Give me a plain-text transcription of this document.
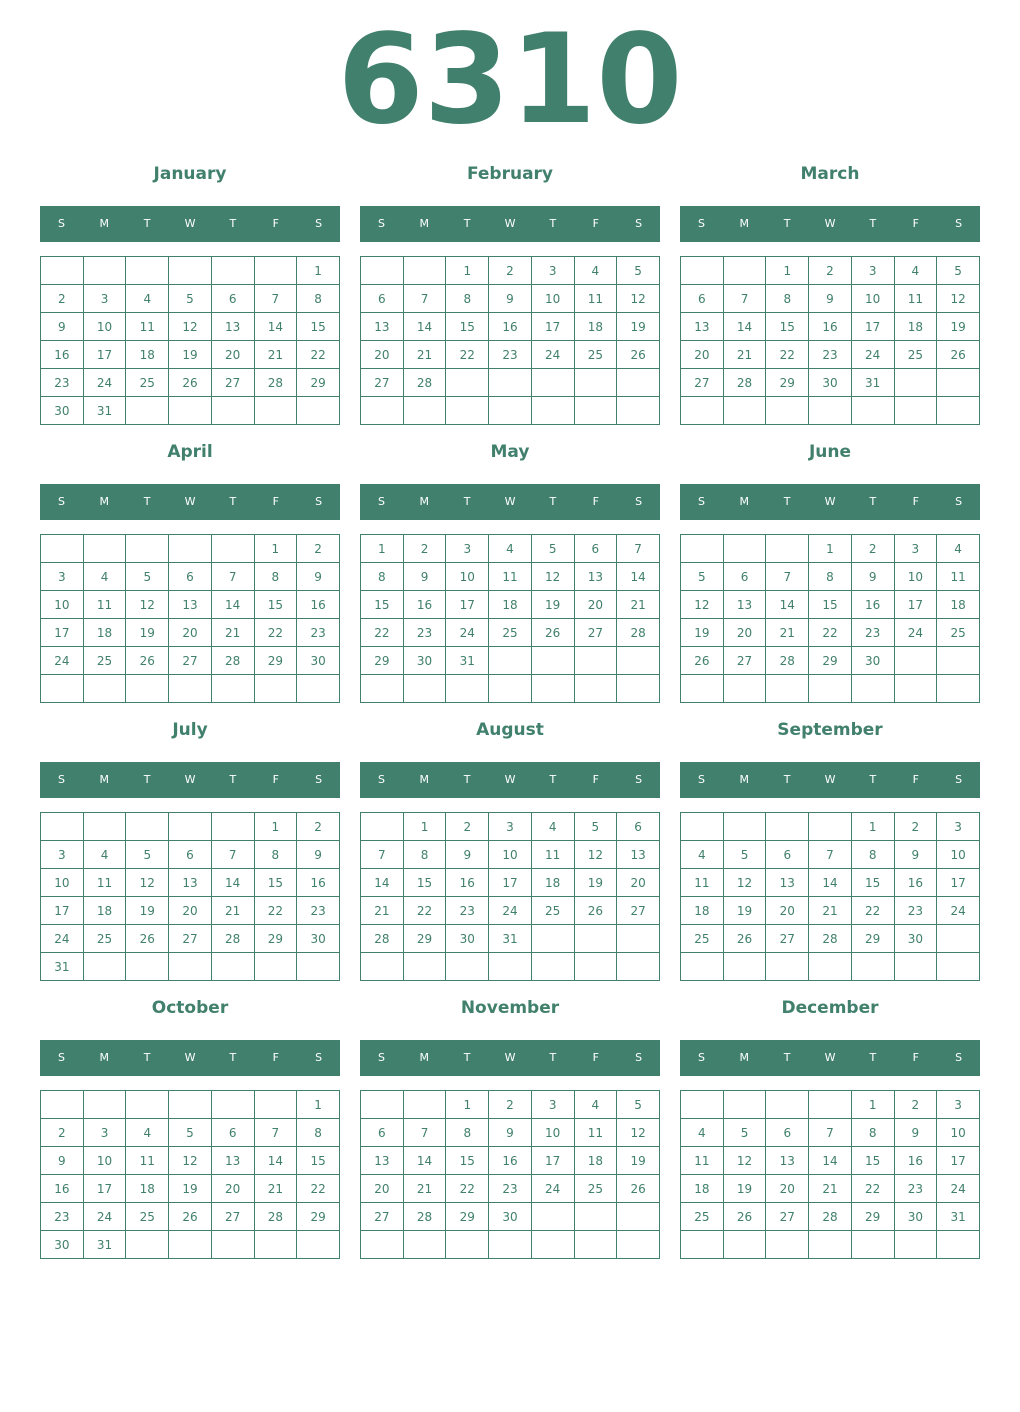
6310
January
S	M	T	W	T	F	S
						1
2	3	4	5	6	7	8
9	10	11	12	13	14	15
16	17	18	19	20	21	22
23	24	25	26	27	28	29
30	31					
February
S	M	T	W	T	F	S
		1	2	3	4	5
6	7	8	9	10	11	12
13	14	15	16	17	18	19
20	21	22	23	24	25	26
27	28					

March
S	M	T	W	T	F	S
		1	2	3	4	5
6	7	8	9	10	11	12
13	14	15	16	17	18	19
20	21	22	23	24	25	26
27	28	29	30	31		

April
S	M	T	W	T	F	S
					1	2
3	4	5	6	7	8	9
10	11	12	13	14	15	16
17	18	19	20	21	22	23
24	25	26	27	28	29	30

May
S	M	T	W	T	F	S
1	2	3	4	5	6	7
8	9	10	11	12	13	14
15	16	17	18	19	20	21
22	23	24	25	26	27	28
29	30	31				

June
S	M	T	W	T	F	S
			1	2	3	4
5	6	7	8	9	10	11
12	13	14	15	16	17	18
19	20	21	22	23	24	25
26	27	28	29	30		

July
S	M	T	W	T	F	S
					1	2
3	4	5	6	7	8	9
10	11	12	13	14	15	16
17	18	19	20	21	22	23
24	25	26	27	28	29	30
31						
August
S	M	T	W	T	F	S
	1	2	3	4	5	6
7	8	9	10	11	12	13
14	15	16	17	18	19	20
21	22	23	24	25	26	27
28	29	30	31			

September
S	M	T	W	T	F	S
				1	2	3
4	5	6	7	8	9	10
11	12	13	14	15	16	17
18	19	20	21	22	23	24
25	26	27	28	29	30	

October
S	M	T	W	T	F	S
						1
2	3	4	5	6	7	8
9	10	11	12	13	14	15
16	17	18	19	20	21	22
23	24	25	26	27	28	29
30	31					
November
S	M	T	W	T	F	S
		1	2	3	4	5
6	7	8	9	10	11	12
13	14	15	16	17	18	19
20	21	22	23	24	25	26
27	28	29	30			

December
S	M	T	W	T	F	S
				1	2	3
4	5	6	7	8	9	10
11	12	13	14	15	16	17
18	19	20	21	22	23	24
25	26	27	28	29	30	31
